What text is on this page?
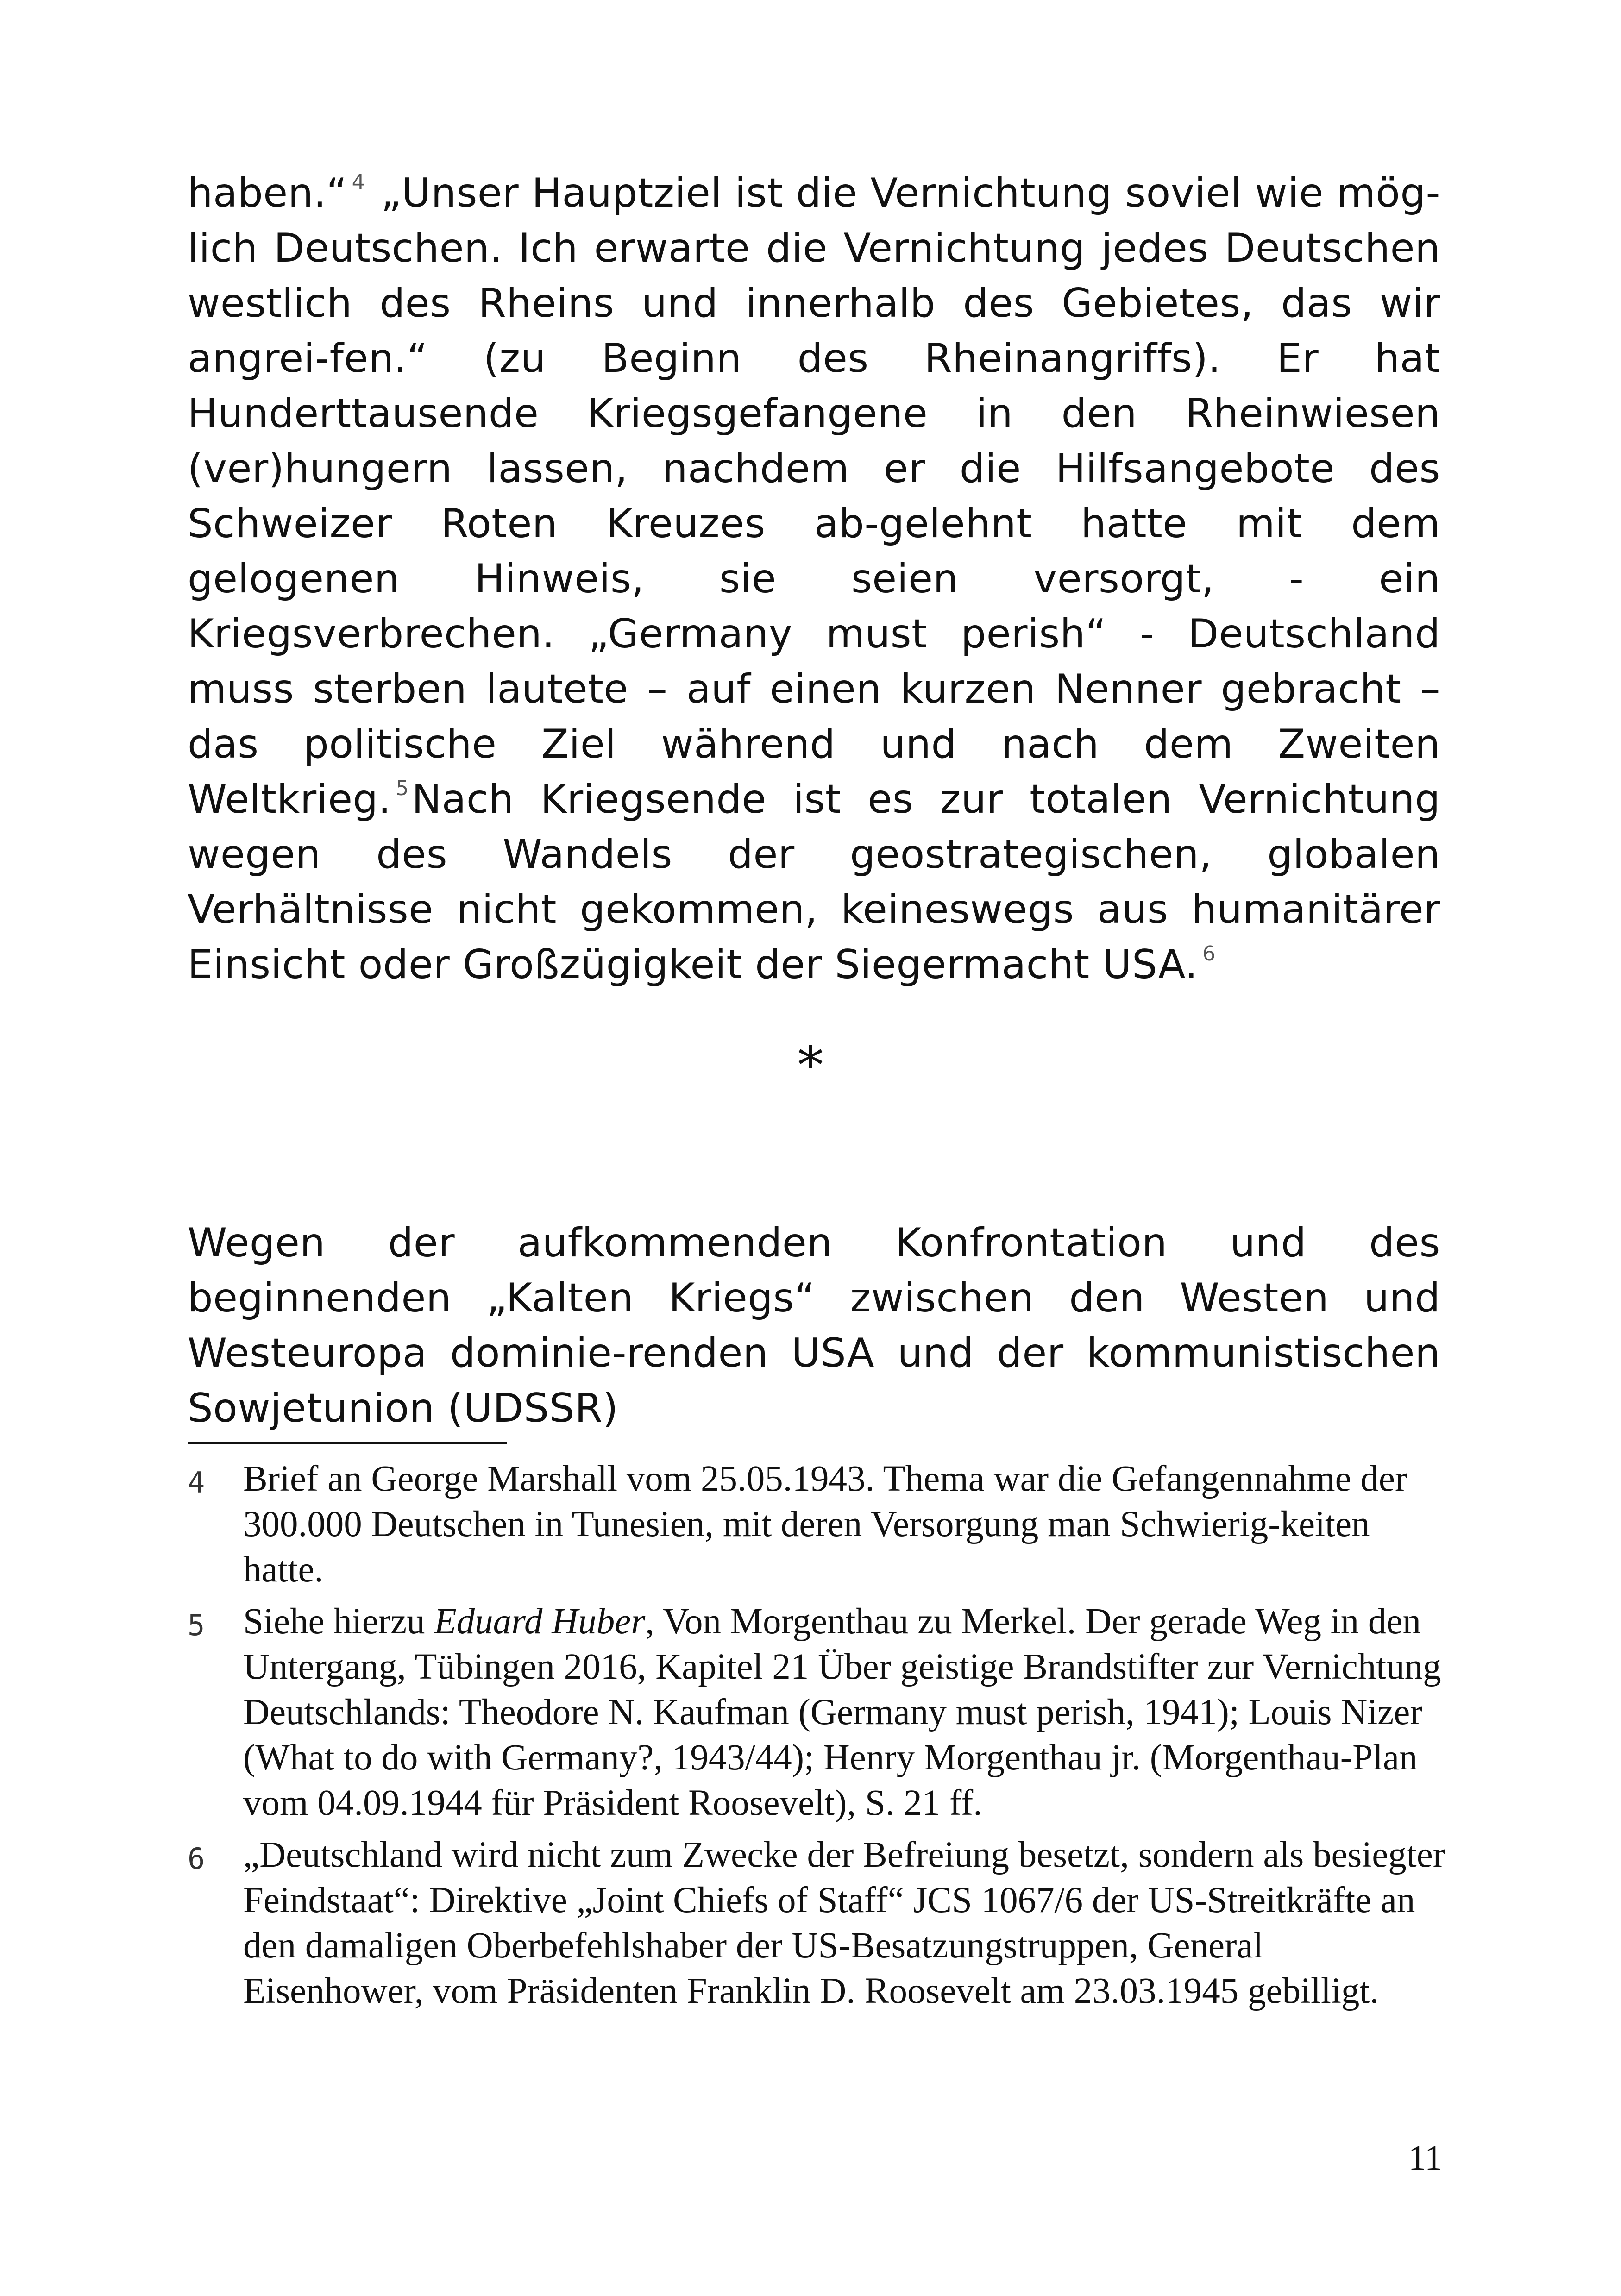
haben.“ $^4$ „Unser Hauptziel ist die Vernichtung soviel wie mög-lich Deutschen. Ich erwarte die Vernichtung jedes Deutschen westlich des Rheins und innerhalb des Gebietes, das wir angrei-fen.“ (zu Beginn des Rheinangriffs). Er hat Hunderttausende Kriegsgefangene in den Rheinwiesen (ver)hungern lassen, nachdem er die Hilfsangebote des Schweizer Roten Kreuzes ab-gelehnt hatte mit dem gelogenen Hinweis, sie seien versorgt, - ein Kriegsverbrechen. „Germany must perish“ - Deutschland muss sterben lautete – auf einen kurzen Nenner gebracht – das politische Ziel während und nach dem Zweiten Weltkrieg. $^5$Nach Kriegsende ist es zur totalen Vernichtung wegen des Wandels der geostrategischen, globalen Verhältnisse nicht gekommen, keineswegs aus humanitärer Einsicht oder Großzügigkeit der Siegermacht USA. $^6$

*

Wegen der aufkommenden Konfrontation und des beginnenden „Kalten Kriegs“ zwischen den Westen und Westeuropa dominie-renden USA und der kommunistischen Sowjetunion (UDSSR)

4	Brief an George Marshall vom 25.05.1943. Thema war die Gefangennahme der 300.000 Deutschen in Tunesien, mit deren Versorgung man Schwierig-keiten hatte.
5	Siehe hierzu Eduard Huber, Von Morgenthau zu Merkel. Der gerade Weg in den Untergang, Tübingen 2016, Kapitel 21 Über geistige Brandstifter zur Vernichtung Deutschlands: Theodore N. Kaufman (Germany must perish, 1941); Louis Nizer (What to do with Germany?, 1943/44); Henry Morgenthau jr. (Morgenthau-Plan vom 04.09.1944 für Präsident Roosevelt), S. 21 ff.
6	„Deutschland wird nicht zum Zwecke der Befreiung besetzt, sondern als besiegter Feindstaat“: Direktive „Joint Chiefs of Staff“ JCS 1067/6 der US-Streitkräfte an den damaligen Oberbefehlshaber der US-Besatzungstruppen, General Eisenhower, vom Präsidenten Franklin D. Roosevelt am 23.03.1945 gebilligt.
11
